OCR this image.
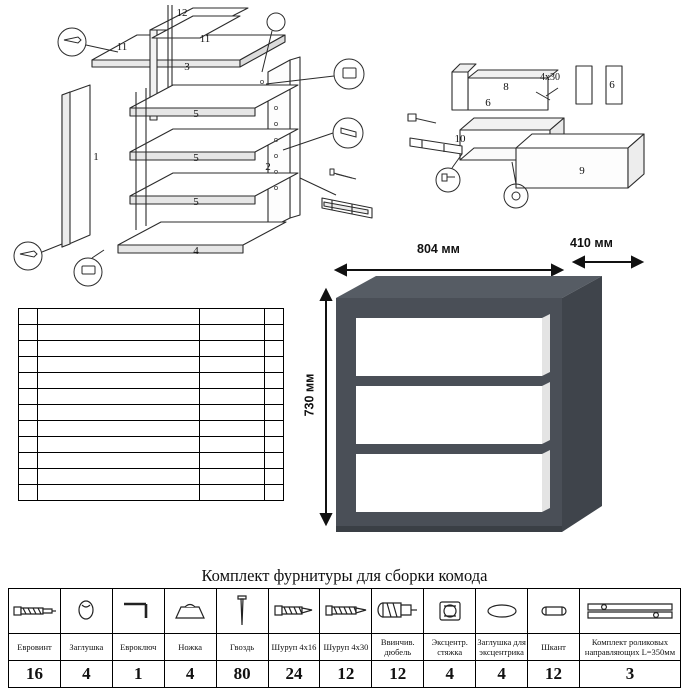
12
11
11
3
5
5
5
2
1
4
8
6
6
10
9
4x30

804 мм	410 мм
730 мм
Комплект фурнитуры для сборки комода

Евровинт	Заглушка	Евроключ	Ножка	Гвоздь	Шуруп 4х16	Шуруп 4х30	Ввинчив. дюбель	Эксцентр. стяжка	Заглушка для эксцентрика	Шкант	Комплект роликовых направляющих L=350мм
16	4	1	4	80	24	12	12	4	4	12	3
